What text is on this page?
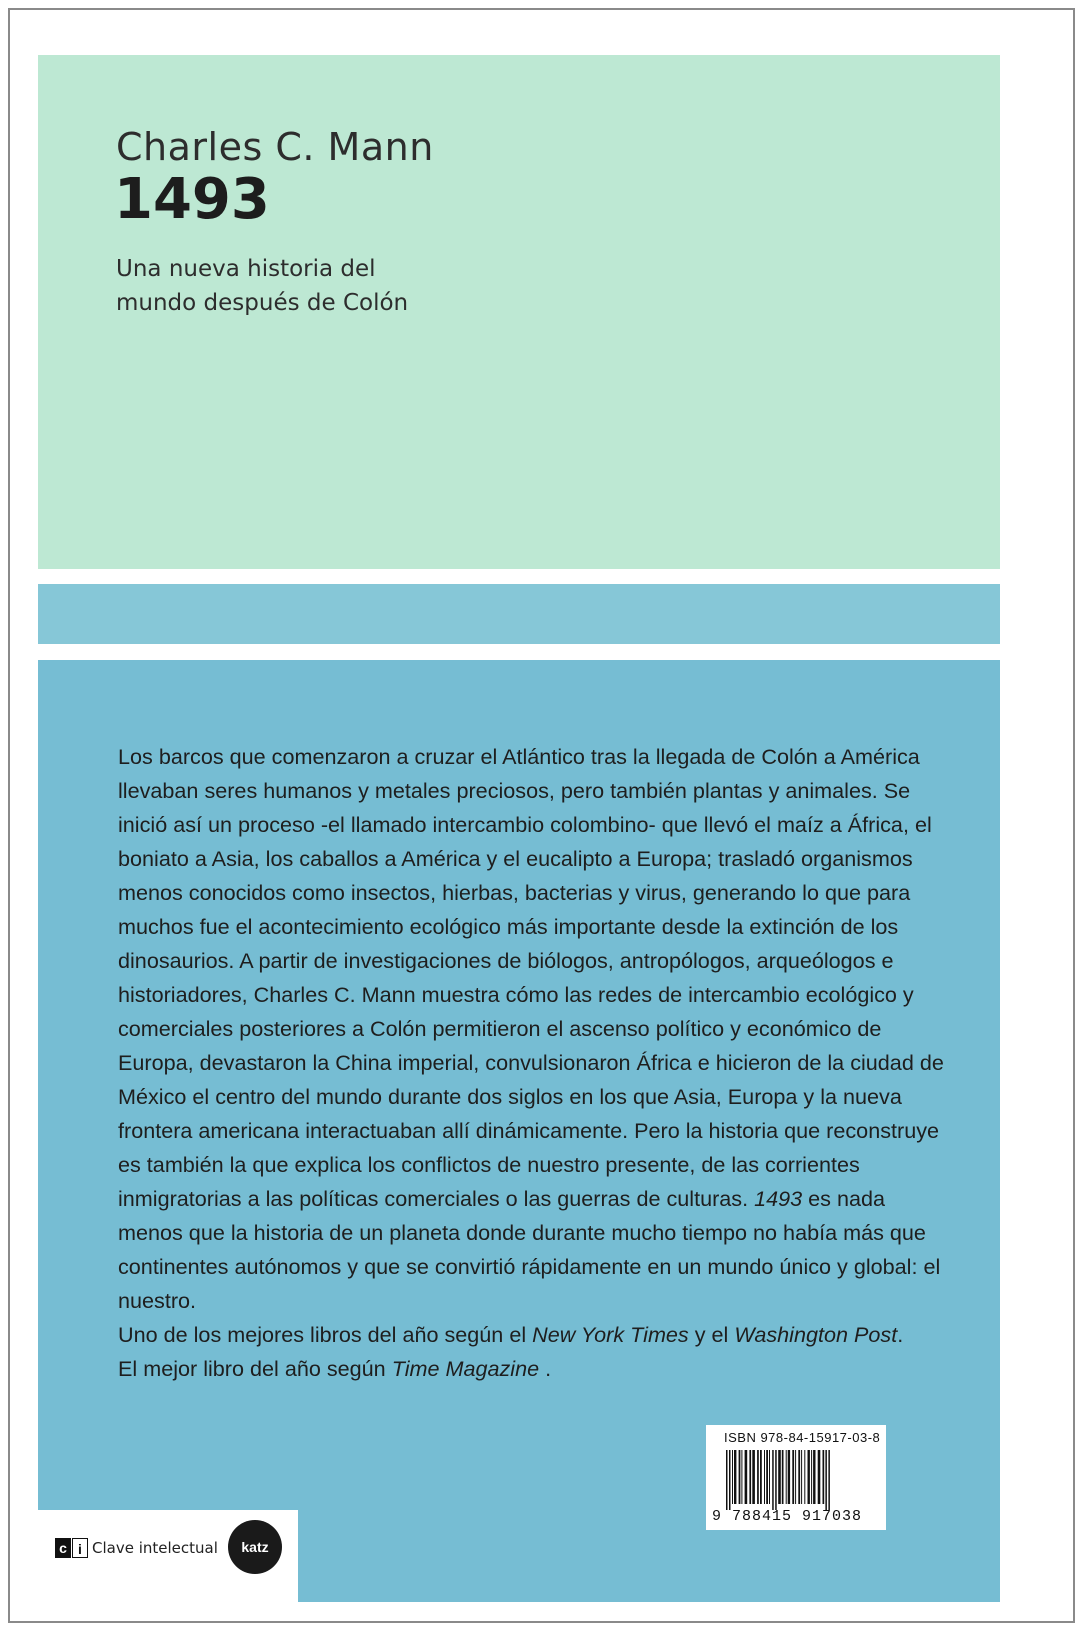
Charles C. Mann
1493
Una nueva historia del
mundo después de Colón

Los barcos que comenzaron a cruzar el Atlántico tras la llegada de Colón a América llevaban seres humanos y metales preciosos, pero también plantas y animales. Se inició así un proceso -el llamado intercambio colombino- que llevó el maíz a África, el boniato a Asia, los caballos a América y el eucalipto a Europa; trasladó organismos menos conocidos como insectos, hierbas, bacterias y virus, generando lo que para muchos fue el acontecimiento ecológico más importante desde la extinción de los dinosaurios. A partir de investigaciones de biólogos, antropólogos, arqueólogos e historiadores, Charles C. Mann muestra cómo las redes de intercambio ecológico y comerciales posteriores a Colón permitieron el ascenso político y económico de Europa, devastaron la China imperial, convulsionaron África e hicieron de la ciudad de México el centro del mundo durante dos siglos en los que Asia, Europa y la nueva frontera americana interactuaban allí dinámicamente. Pero la historia que reconstruye es también la que explica los conflictos de nuestro presente, de las corrientes inmigratorias a las políticas comerciales o las guerras de culturas. 1493 es nada menos que la historia de un planeta donde durante mucho tiempo no había más que continentes autónomos y que se convirtió rápidamente en un mundo único y global: el nuestro.

Uno de los mejores libros del año según el New York Times y el Washington Post.

El mejor libro del año según Time Magazine .

ISBN 978-84-15917-03-8
9 788415 917038
c i Clave intelectual	katz
